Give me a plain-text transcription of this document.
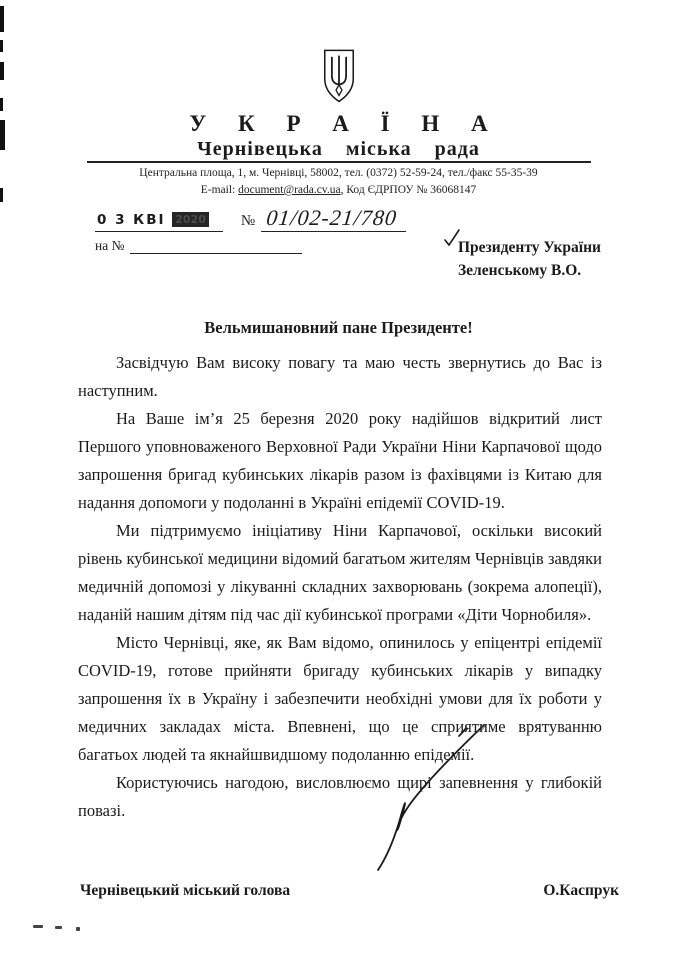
У К Р А Ї Н А
Чернівецька міська рада
Центральна площа, 1, м. Чернівці, 58002, тел. (0372) 52-59-24, тел./факс 55-35-39
E-mail: document@rada.cv.ua, Код ЄДРПОУ № 36068147
0 3 КВІ 2020	№ 01/02-21/780
на №	Президенту України
Зеленському В.О.
Вельмишановний пане Президенте!

Засвідчую Вам високу повагу та маю честь звернутись до Вас із наступним.

На Ваше ім’я 25 березня 2020 року надійшов відкритий лист Першого уповноваженого Верховної Ради України Ніни Карпачової щодо запрошення бригад кубинських лікарів разом із фахівцями із Китаю для надання допомоги у подоланні в Україні епідемії COVID-19.

Ми підтримуємо ініціативу Ніни Карпачової, оскільки високий рівень кубинської медицини відомий багатьом жителям Чернівців завдяки медичній допомозі у лікуванні складних захворювань (зокрема алопеції), наданій нашим дітям під час дії кубинської програми «Діти Чорнобиля».

Місто Чернівці, яке, як Вам відомо, опинилось у епіцентрі епідемії COVID-19, готове прийняти бригаду кубинських лікарів у випадку запрошення їх в Україну і забезпечити необхідні умови для їх роботи у медичних закладах міста. Впевнені, що це сприятиме врятуванню багатьох людей та якнайшвидшому подоланню епідемії.

Користуючись нагодою, висловлюємо щирі запевнення у глибокій повазі.

Чернівецький міський голова	О.Каспрук
